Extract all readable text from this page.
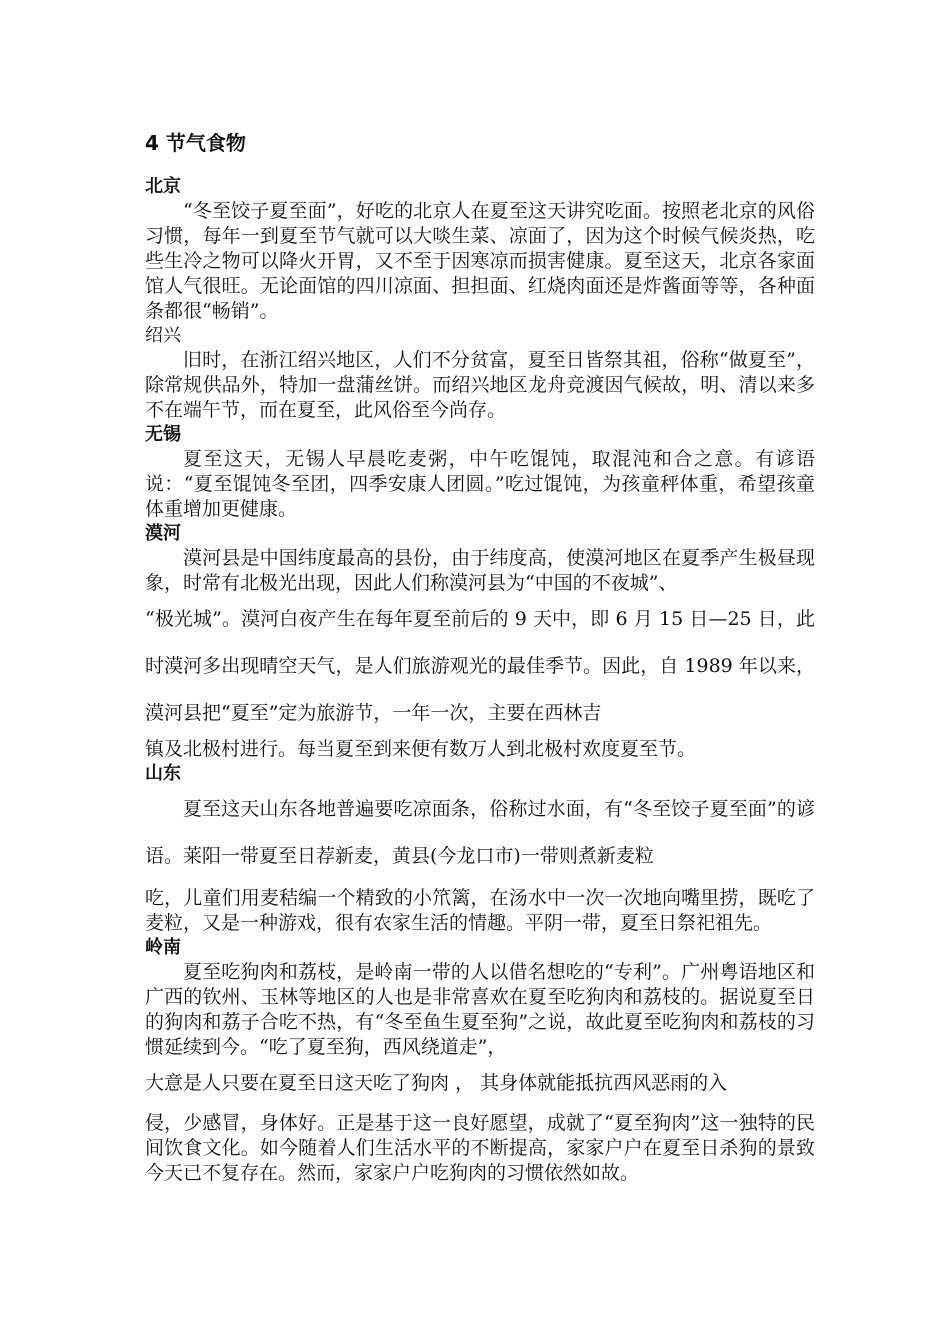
4 节气食物
北京

“冬至饺子夏至面”，好吃的北京人在夏至这天讲究吃面。按照老北京的风俗习惯，每年一到夏至节气就可以大啖生菜、凉面了，因为这个时候气候炎热，吃些生冷之物可以降火开胃，又不至于因寒凉而损害健康。夏至这天，北京各家面馆人气很旺。无论面馆的四川凉面、担担面、红烧肉面还是炸酱面等等，各种面条都很“畅销”。

绍兴

旧时，在浙江绍兴地区，人们不分贫富，夏至日皆祭其祖，俗称“做夏至”，除常规供品外，特加一盘蒲丝饼。而绍兴地区龙舟竞渡因气候故，明、清以来多不在端午节，而在夏至，此风俗至今尚存。

无锡

夏至这天，无锡人早晨吃麦粥，中午吃馄饨，取混沌和合之意。有谚语说：“夏至馄饨冬至团，四季安康人团圆。”吃过馄饨，为孩童秤体重，希望孩童体重增加更健康。

漠河

漠河县是中国纬度最高的县份，由于纬度高，使漠河地区在夏季产生极昼现象，时常有北极光出现，因此人们称漠河县为“中国的不夜城”、

“极光城”。漠河白夜产生在每年夏至前后的 9 天中，即 6 月 15 日—25 日，此时漠河多出现晴空天气，是人们旅游观光的最佳季节。因此，自 1989 年以来，漠河县把“夏至”定为旅游节，一年一次，主要在西林吉

镇及北极村进行。每当夏至到来便有数万人到北极村欢度夏至节。

山东

夏至这天山东各地普遍要吃凉面条，俗称过水面，有“冬至饺子夏至面”的谚语。莱阳一带夏至日荐新麦，黄县(今龙口市)一带则煮新麦粒

吃，儿童们用麦秸编一个精致的小笊篱，在汤水中一次一次地向嘴里捞，既吃了麦粒，又是一种游戏，很有农家生活的情趣。平阴一带，夏至日祭祀祖先。

岭南

夏至吃狗肉和荔枝，是岭南一带的人以借名想吃的“专利”。广州粤语地区和广西的钦州、玉林等地区的人也是非常喜欢在夏至吃狗肉和荔枝的。据说夏至日的狗肉和荔子合吃不热，有“冬至鱼生夏至狗”之说，故此夏至吃狗肉和荔枝的习惯延续到今。“吃了夏至狗，西风绕道走”，

大意是人只要在夏至日这天吃了狗肉 ， 其身体就能抵抗西风恶雨的入

侵，少感冒，身体好。正是基于这一良好愿望，成就了“夏至狗肉”这一独特的民间饮食文化。如今随着人们生活水平的不断提高，家家户户在夏至日杀狗的景致今天已不复存在。然而，家家户户吃狗肉的习惯依然如故。
